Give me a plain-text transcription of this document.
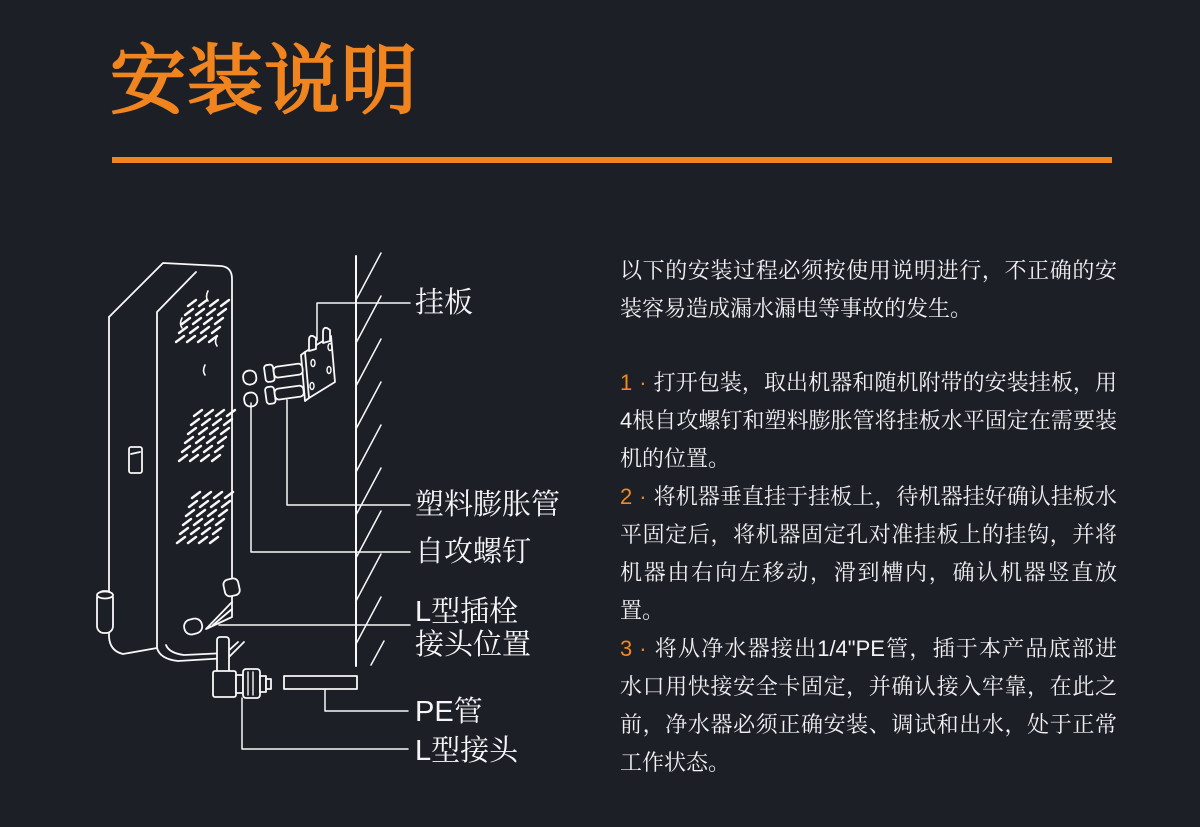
安装说明
挂板
塑料膨胀管
自攻螺钉
L型插栓
接头位置
PE管
L型接头

以下的安装过程必须按使用说明进行，不正确的安装容易造成漏水漏电等事故的发生。

1 · 打开包装，取出机器和随机附带的安装挂板，用4根自攻螺钉和塑料膨胀管将挂板水平固定在需要装机的位置。

2 · 将机器垂直挂于挂板上，待机器挂好确认挂板水平固定后，将机器固定孔对准挂板上的挂钩，并将机器由右向左移动，滑到槽内，确认机器竖直放置。

3 · 将从净水器接出1/4"PE管，插于本产品底部进水口用快接安全卡固定，并确认接入牢靠，在此之前，净水器必须正确安装、调试和出水，处于正常工作状态。
